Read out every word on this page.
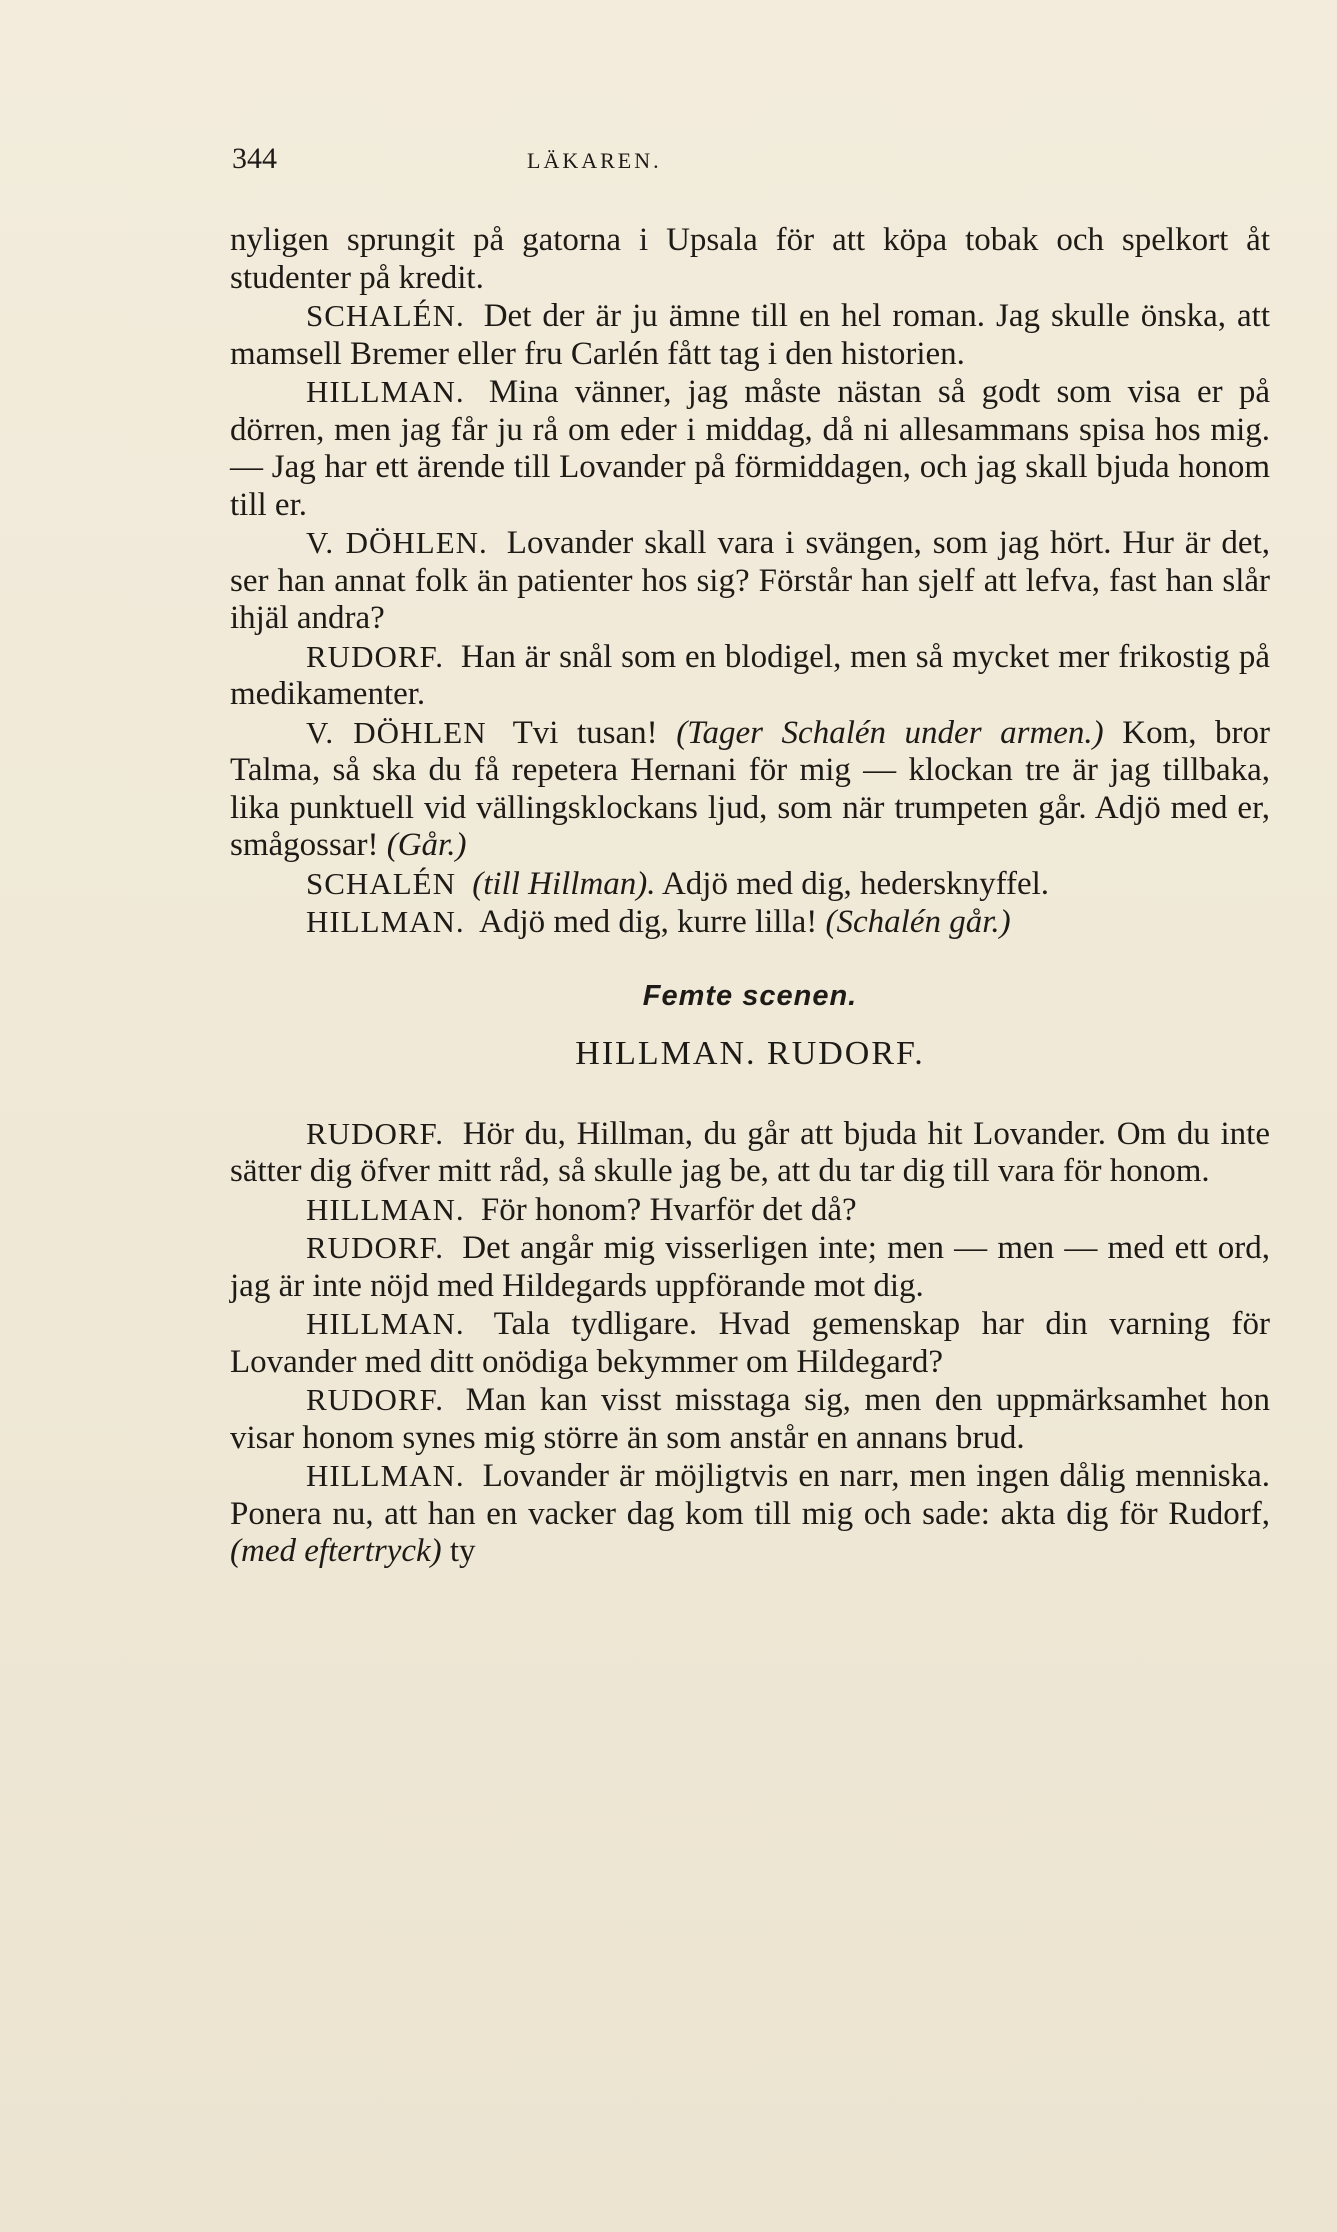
344	LÄKAREN.

nyligen sprungit på gatorna i Upsala för att köpa tobak och spelkort åt studenter på kredit.

SCHALÉN. Det der är ju ämne till en hel roman. Jag skulle önska, att mamsell Bremer eller fru Carlén fått tag i den historien.

HILLMAN. Mina vänner, jag måste nästan så godt som visa er på dörren, men jag får ju rå om eder i middag, då ni allesammans spisa hos mig. — Jag har ett ärende till Lovander på förmiddagen, och jag skall bjuda honom till er.

V. DÖHLEN. Lovander skall vara i svängen, som jag hört. Hur är det, ser han annat folk än patienter hos sig? Förstår han sjelf att lefva, fast han slår ihjäl andra?

RUDORF. Han är snål som en blodigel, men så mycket mer frikostig på medikamenter.

V. DÖHLEN Tvi tusan! (Tager Schalén under armen.) Kom, bror Talma, så ska du få repetera Hernani för mig — klockan tre är jag tillbaka, lika punktuell vid vällingsklockans ljud, som när trumpeten går. Adjö med er, smågossar! (Går.)

SCHALÉN (till Hillman). Adjö med dig, hedersknyffel.

HILLMAN. Adjö med dig, kurre lilla! (Schalén går.)

Femte scenen.
HILLMAN. RUDORF.

RUDORF. Hör du, Hillman, du går att bjuda hit Lovander. Om du inte sätter dig öfver mitt råd, så skulle jag be, att du tar dig till vara för honom.

HILLMAN. För honom? Hvarför det då?

RUDORF. Det angår mig visserligen inte; men — men — med ett ord, jag är inte nöjd med Hildegards uppförande mot dig.

HILLMAN. Tala tydligare. Hvad gemenskap har din varning för Lovander med ditt onödiga bekymmer om Hildegard?

RUDORF. Man kan visst misstaga sig, men den uppmärksamhet hon visar honom synes mig större än som anstår en annans brud.

HILLMAN. Lovander är möjligtvis en narr, men ingen dålig menniska. Ponera nu, att han en vacker dag kom till mig och sade: akta dig för Rudorf, (med eftertryck) ty
